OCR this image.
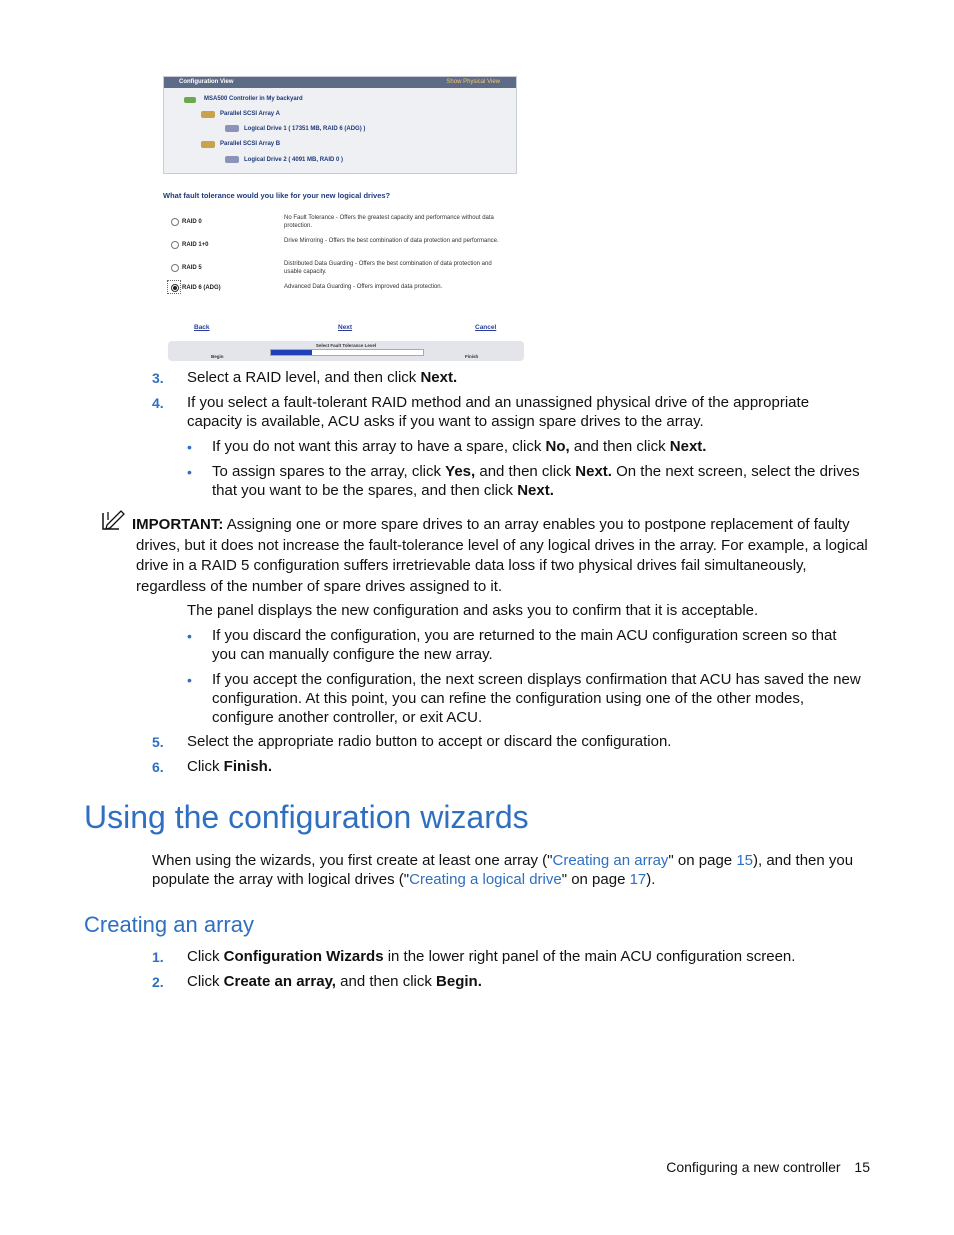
Configuration View	Show Physical View
MSA500 Controller in My backyard
Parallel SCSI Array A
Logical Drive 1 ( 17351 MB, RAID 6 (ADG) )
Parallel SCSI Array B
Logical Drive 2 ( 4091 MB, RAID 0 )
What fault tolerance would you like for your new logical drives?
RAID 0
No Fault Tolerance - Offers the greatest capacity and performance without data protection.
RAID 1+0
Drive Mirroring - Offers the best combination of data protection and performance.
RAID 5
Distributed Data Guarding - Offers the best combination of data protection and usable capacity.
RAID 6 (ADG)	Advanced Data Guarding - Offers improved data protection.
Back	Next	Cancel
Select Fault Tolerance Level
Begin	Finish
3. Select a RAID level, and then click Next.
4. If you select a fault-tolerant RAID method and an unassigned physical drive of the appropriate capacity is available, ACU asks if you want to assign spare drives to the array.
• If you do not want this array to have a spare, click No, and then click Next.
• To assign spares to the array, click Yes, and then click Next. On the next screen, select the drives that you want to be the spares, and then click Next.
IMPORTANT: Assigning one or more spare drives to an array enables you to postpone replacement of faulty drives, but it does not increase the fault-tolerance level of any logical drives in the array. For example, a logical drive in a RAID 5 configuration suffers irretrievable data loss if two physical drives fail simultaneously, regardless of the number of spare drives assigned to it.
The panel displays the new configuration and asks you to confirm that it is acceptable.
• If you discard the configuration, you are returned to the main ACU configuration screen so that you can manually configure the new array.
• If you accept the configuration, the next screen displays confirmation that ACU has saved the new configuration. At this point, you can refine the configuration using one of the other modes, configure another controller, or exit ACU.
5. Select the appropriate radio button to accept or discard the configuration.
6. Click Finish.
Using the configuration wizards
When using the wizards, you first create at least one array ("Creating an array" on page 15), and then you populate the array with logical drives ("Creating a logical drive" on page 17).
Creating an array
1. Click Configuration Wizards in the lower right panel of the main ACU configuration screen.
2. Click Create an array, and then click Begin.
Configuring a new controller 15
